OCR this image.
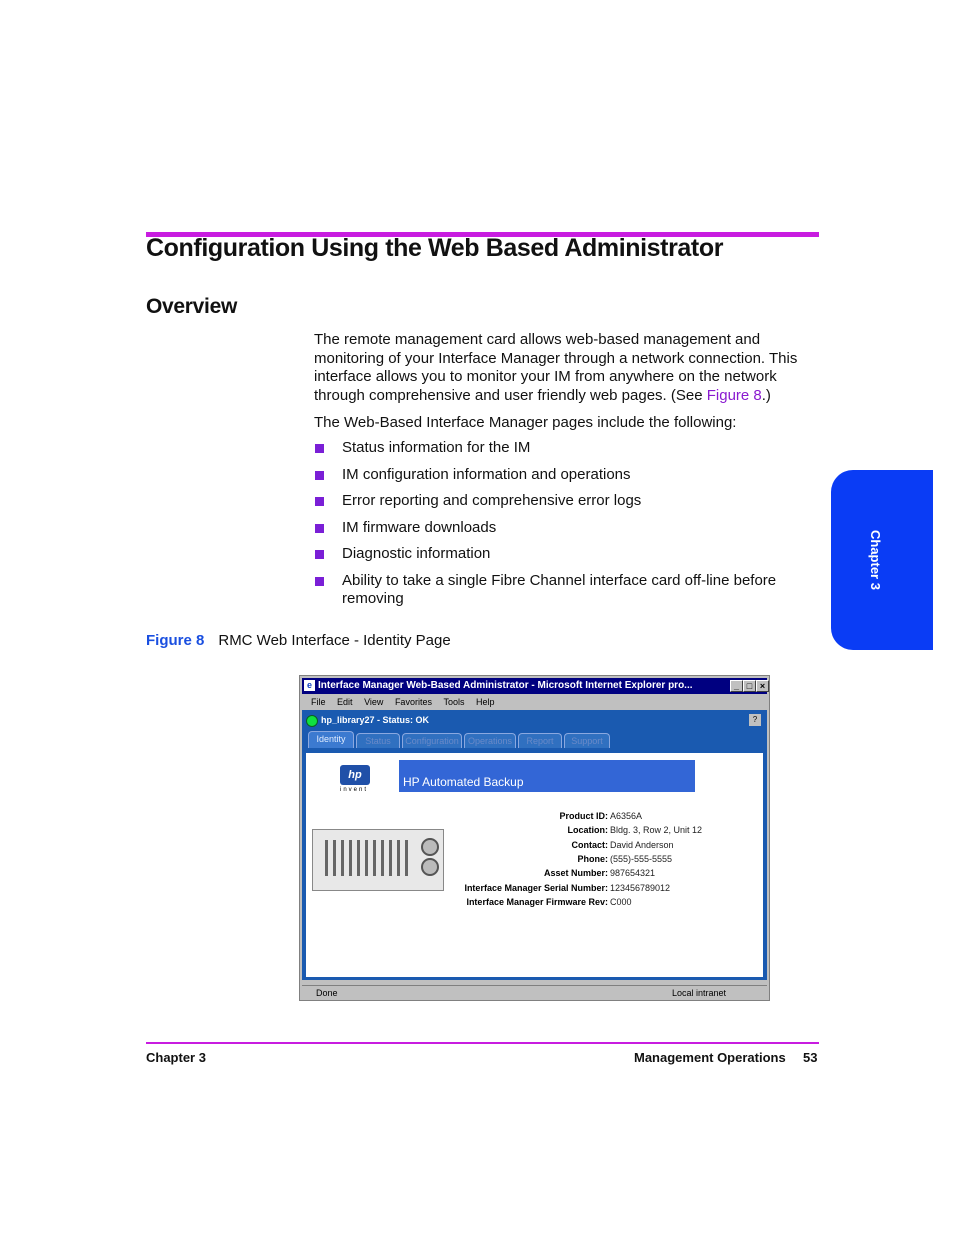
Configuration Using the Web Based Administrator
Overview
The remote management card allows web-based management and monitoring of your Interface Manager through a network connection. This interface allows you to monitor your IM from anywhere on the network through comprehensive and user friendly web pages. (See Figure 8.)
The Web-Based Interface Manager pages include the following:
Status information for the IM
IM configuration information and operations
Error reporting and comprehensive error logs
IM firmware downloads
Diagnostic information
Ability to take a single Fibre Channel interface card off-line before removing
Figure 8 RMC Web Interface - Identity Page
Chapter 3
e Interface Manager Web-Based Administrator - Microsoft Internet Explorer pro...	_ □ ×
File Edit View Favorites Tools Help
hp_library27 - Status: OK	?
Identity	Status	Configuration	Operations	Report	Support
hp
invent
HP Automated Backup
Product ID: A6356A
Location: Bldg. 3, Row 2, Unit 12
Contact: David Anderson
Phone: (555)-555-5555
Asset Number: 987654321
Interface Manager Serial Number: 123456789012
Interface Manager Firmware Rev: C000
Done	Local intranet
Chapter 3	Management Operations 53
